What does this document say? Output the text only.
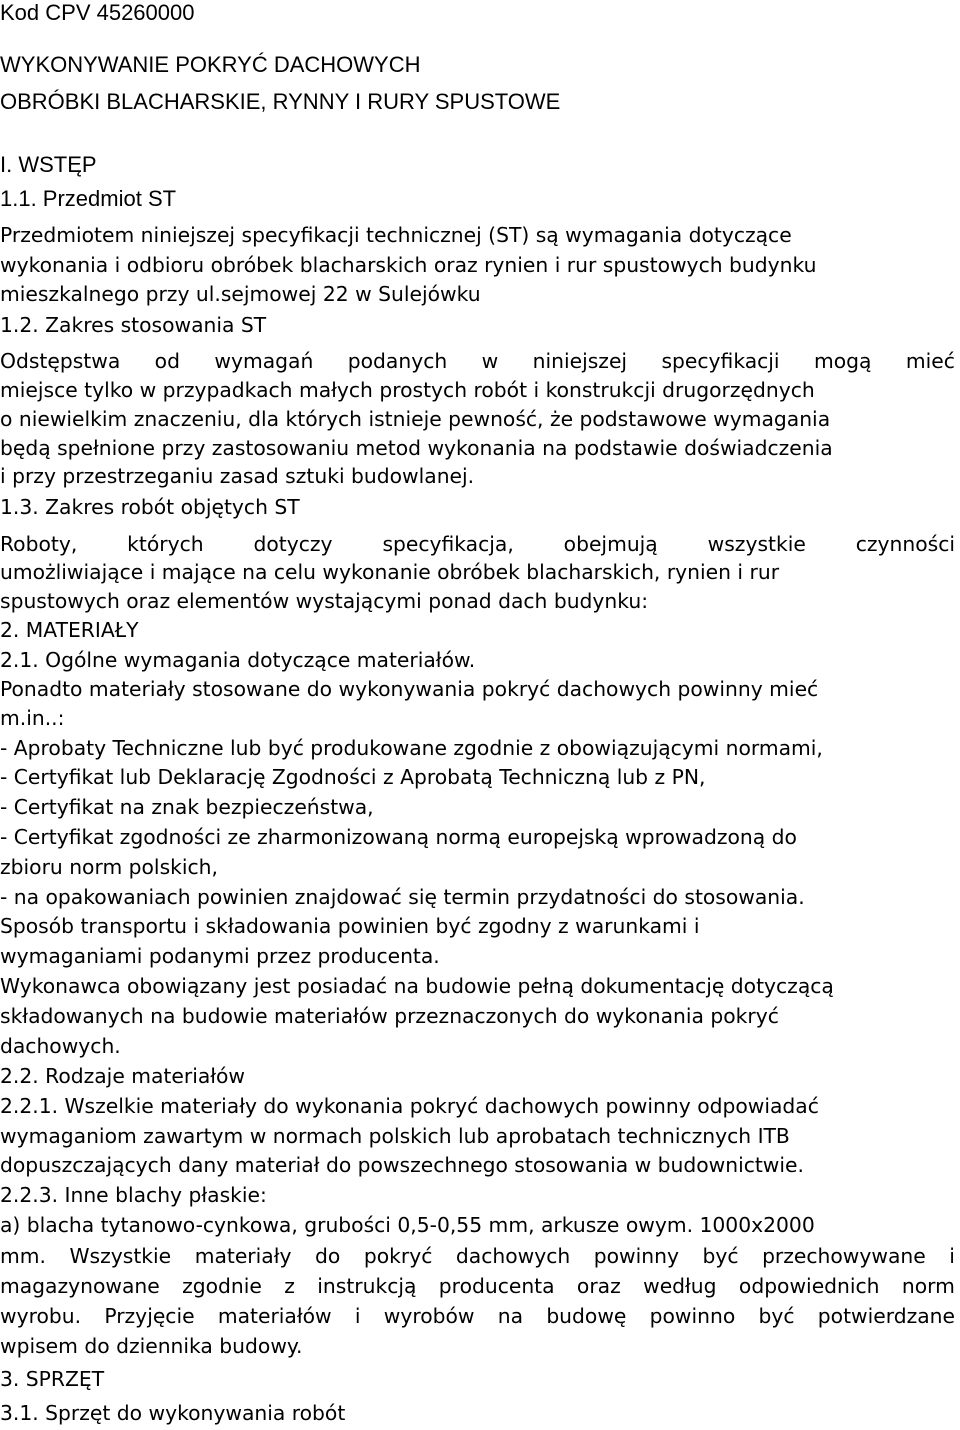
Kod CPV 45260000
WYKONYWANIE POKRYĆ DACHOWYCH
OBRÓBKI BLACHARSKIE, RYNNY I RURY SPUSTOWE
I. WSTĘP
1.1. Przedmiot ST
Przedmiotem niniejszej specyfikacji technicznej (ST) są wymagania dotyczące
wykonania i odbioru obróbek blacharskich oraz rynien i rur spustowych budynku
mieszkalnego przy ul.sejmowej 22 w Sulejówku
1.2. Zakres stosowania ST
Odstępstwa od wymagań podanych w niniejszej specyfikacji mogą mieć
miejsce tylko w przypadkach małych prostych robót i konstrukcji drugorzędnych
o niewielkim znaczeniu, dla których istnieje pewność, że podstawowe wymagania
będą spełnione przy zastosowaniu metod wykonania na podstawie doświadczenia
i przy przestrzeganiu zasad sztuki budowlanej.
1.3. Zakres robót objętych ST
Roboty, których dotyczy specyfikacja, obejmują wszystkie czynności
umożliwiające i mające na celu wykonanie obróbek blacharskich, rynien i rur
spustowych oraz elementów wystającymi ponad dach budynku:
2. MATERIAŁY
2.1. Ogólne wymagania dotyczące materiałów.
Ponadto materiały stosowane do wykonywania pokryć dachowych powinny mieć
m.in..:
- Aprobaty Techniczne lub być produkowane zgodnie z obowiązującymi normami,
- Certyfikat lub Deklarację Zgodności z Aprobatą Techniczną lub z PN,
- Certyfikat na znak bezpieczeństwa,
- Certyfikat zgodności ze zharmonizowaną normą europejską wprowadzoną do
zbioru norm polskich,
- na opakowaniach powinien znajdować się termin przydatności do stosowania.
Sposób transportu i składowania powinien być zgodny z warunkami i
wymaganiami podanymi przez producenta.
Wykonawca obowiązany jest posiadać na budowie pełną dokumentację dotyczącą
składowanych na budowie materiałów przeznaczonych do wykonania pokryć
dachowych.
2.2. Rodzaje materiałów
2.2.1. Wszelkie materiały do wykonania pokryć dachowych powinny odpowiadać
wymaganiom zawartym w normach polskich lub aprobatach technicznych ITB
dopuszczających dany materiał do powszechnego stosowania w budownictwie.
2.2.3. Inne blachy płaskie:
a) blacha tytanowo-cynkowa, grubości 0,5-0,55 mm, arkusze owym. 1000x2000
mm. Wszystkie materiały do pokryć dachowych powinny być przechowywane i
magazynowane zgodnie z instrukcją producenta oraz według odpowiednich norm
wyrobu. Przyjęcie materiałów i wyrobów na budowę powinno być potwierdzane
wpisem do dziennika budowy.
3. SPRZĘT
3.1. Sprzęt do wykonywania robót
